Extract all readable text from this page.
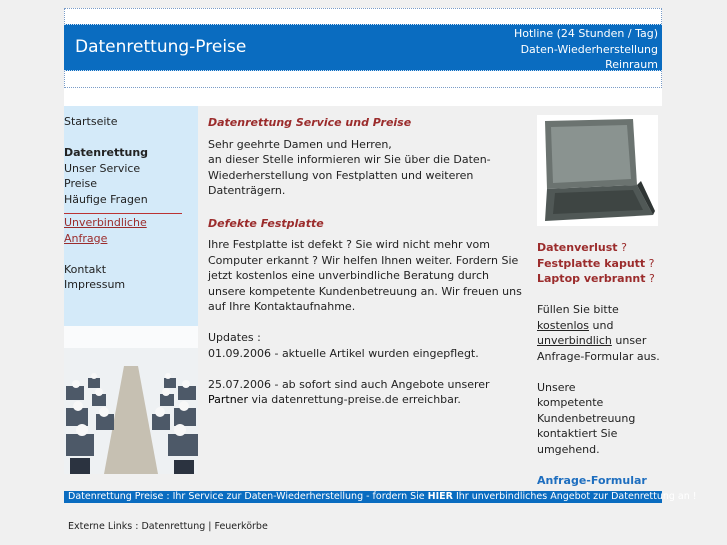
Datenrettung-Preise
Hotline (24 Stunden / Tag)
Daten-Wiederherstellung
Reinraum
Startseite
Datenrettung
Unser Service
Preise
Häufige Fragen
Unverbindliche Anfrage
Kontakt
Impressum
Datenrettung Service und Preise
Sehr geehrte Damen und Herren,
an dieser Stelle informieren wir Sie über die Daten-Wiederherstellung von Festplatten und weiteren Datenträgern.
Defekte Festplatte
Ihre Festplatte ist defekt ? Sie wird nicht mehr vom Computer erkannt ? Wir helfen Ihnen weiter. Fordern Sie jetzt kostenlos eine unverbindliche Beratung durch unsere kompetente Kundenbetreuung an. Wir freuen uns auf Ihre Kontaktaufnahme.
Updates :
01.09.2006 - aktuelle Artikel wurden eingepflegt.
25.07.2006 - ab sofort sind auch Angebote unserer Partner via datenrettung-preise.de erreichbar.
Datenverlust ?
Festplatte kaputt ?
Laptop verbrannt ?
Füllen Sie bitte
kostenlos und
unverbindlich unser
Anfrage-Formular aus.
Unsere kompetente Kundenbetreuung kontaktiert Sie umgehend.
Anfrage-Formular
Datenrettung Preise : Ihr Service zur Daten-Wiederherstellung - fordern Sie HIER Ihr unverbindliches Angebot zur Datenrettung an !
Externe Links : Datenrettung | Feuerkörbe
